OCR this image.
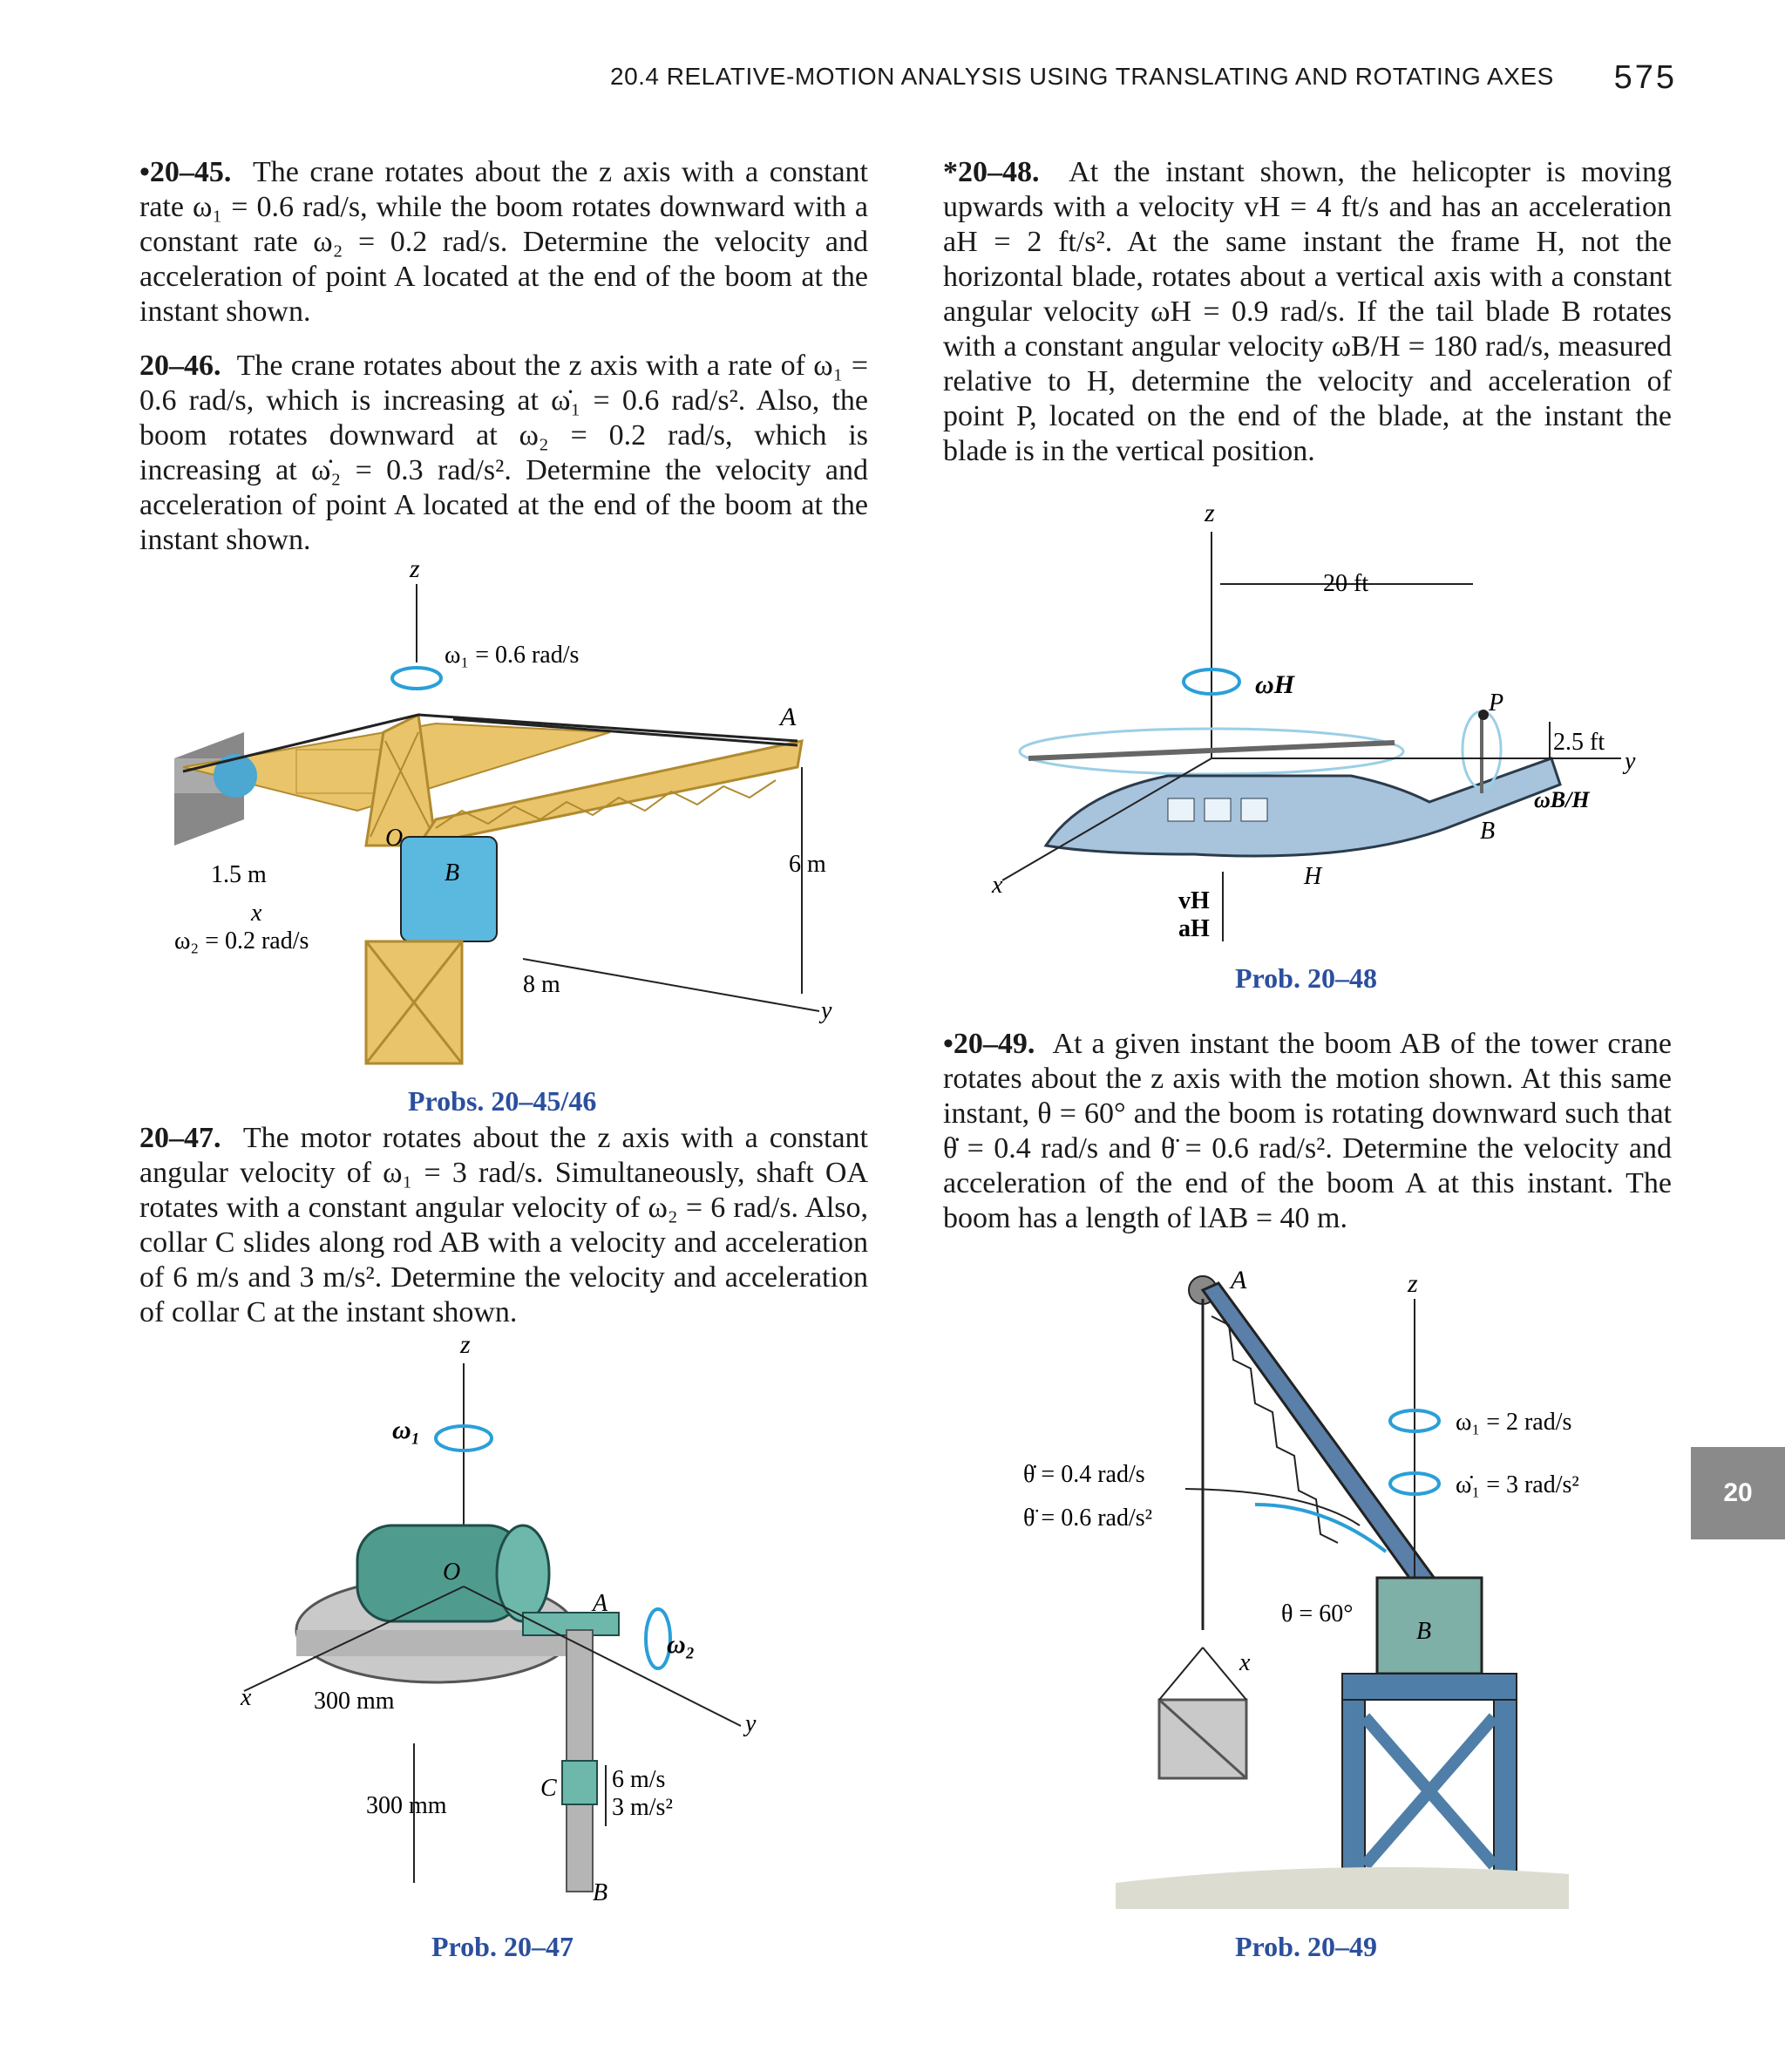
20.4 RELATIVE-MOTION ANALYSIS USING TRANSLATING AND ROTATING AXES 575

•20–45. The crane rotates about the z axis with a constant rate ω₁ = 0.6 rad/s, while the boom rotates downward with a constant rate ω₂ = 0.2 rad/s. Determine the velocity and acceleration of point A located at the end of the boom at the instant shown.

20–46. The crane rotates about the z axis with a rate of ω₁ = 0.6 rad/s, which is increasing at ω̇₁ = 0.6 rad/s². Also, the boom rotates downward at ω₂ = 0.2 rad/s, which is increasing at ω̇₂ = 0.3 rad/s². Determine the velocity and acceleration of point A located at the end of the boom at the instant shown.

20–47. The motor rotates about the z axis with a constant angular velocity of ω₁ = 3 rad/s. Simultaneously, shaft OA rotates with a constant angular velocity of ω₂ = 6 rad/s. Also, collar C slides along rod AB with a velocity and acceleration of 6 m/s and 3 m/s². Determine the velocity and acceleration of collar C at the instant shown.

*20–48. At the instant shown, the helicopter is moving upwards with a velocity vH = 4 ft/s and has an acceleration aH = 2 ft/s². At the same instant the frame H, not the horizontal blade, rotates about a vertical axis with a constant angular velocity ωH = 0.9 rad/s. If the tail blade B rotates with a constant angular velocity ωB/H = 180 rad/s, measured relative to H, determine the velocity and acceleration of point P, located on the end of the blade, at the instant the blade is in the vertical position.

•20–49. At a given instant the boom AB of the tower crane rotates about the z axis with the motion shown. At this same instant, θ = 60° and the boom is rotating downward such that θ̇ = 0.4 rad/s and θ̈ = 0.6 rad/s². Determine the velocity and acceleration of the end of the boom A at this instant. The boom has a length of lAB = 40 m.

z
ω₁ = 0.6 rad/s
A
B
O
6 m
8 m
y
1.5 m
x
ω₂ = 0.2 rad/s
Probs. 20–45/46
z
ω₁
O
A
ω₂
C
B
6 m/s
3 m/s²
x
y
300 mm
300 mm
Prob. 20–47
z
20 ft
ωH
P
2.5 ft
y
ωB/H
B
H
x
vH
aH
Prob. 20–48
A
θ̇ = 0.4 rad/s
θ̈ = 0.6 rad/s²
z
ω₁ = 2 rad/s
ω̇₁ = 3 rad/s²
B
θ = 60°
x
Prob. 20–49
20
